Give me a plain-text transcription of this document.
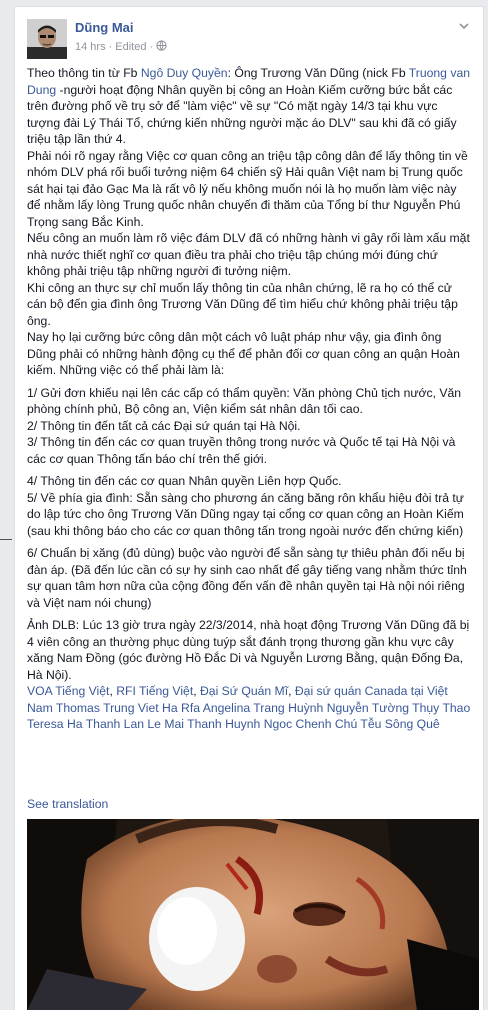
Dũng Mai
14 hrs · Edited ·

Theo thông tin từ Fb Ngô Duy Quyền: Ông Trương Văn Dũng (nick Fb Truong van Dung -người hoạt động Nhân quyền bị công an Hoàn Kiếm cưỡng bức bắt các trên đường phố về trụ sở để "làm việc" về sự "Có mặt ngày 14/3 tại khu vực tượng đài Lý Thái Tổ, chứng kiến những người mặc áo DLV" sau khi đã có giấy triệu tập lần thứ 4.

Phải nói rõ ngay rằng Việc cơ quan công an triệu tập công dân để lấy thông tin về nhóm DLV phá rối buổi tưởng niệm 64 chiến sỹ Hải quân Việt nam bị Trung quốc sát hại tại đảo Gạc Ma là rất vô lý nếu không muốn nói là họ muốn làm việc này để nhằm lấy lòng Trung quốc nhân chuyến đi thăm của Tổng bí thư Nguyễn Phú Trọng sang Bắc Kinh.

Nếu công an muốn làm rõ việc đám DLV đã có những hành vi gây rối làm xấu mặt nhà nước thiết nghĩ cơ quan điều tra phải cho triệu tập chúng mới đúng chứ không phải triệu tập những người đi tưởng niệm.

Khi công an thực sự chỉ muốn lấy thông tin của nhân chứng, lẽ ra họ có thể cử cán bộ đến gia đình ông Trương Văn Dũng để tìm hiểu chứ không phải triệu tập ông.

Nay họ lại cưỡng bức công dân một cách vô luật pháp như vậy, gia đình ông Dũng phải có những hành động cụ thể để phản đối cơ quan công an quận Hoàn kiếm. Những việc có thể phải làm là:

1/ Gửi đơn khiếu nại lên các cấp có thẩm quyền: Văn phòng Chủ tịch nước, Văn phòng chính phủ, Bộ công an, Viện kiểm sát nhân dân tối cao.

2/ Thông tin đến tất cả các Đại sứ quán tại Hà Nội.

3/ Thông tin đến các cơ quan truyền thông trong nước và Quốc tế tại Hà Nội và các cơ quan Thông tấn báo chí trên thế giới.

4/ Thông tin đến các cơ quan Nhân quyền Liên hợp Quốc.

5/ Về phía gia đình: Sẵn sàng cho phương án căng băng rôn khẩu hiệu đòi trả tự do lập tức cho ông Trương Văn Dũng ngay tại cổng cơ quan công an Hoàn Kiếm (sau khi thông báo cho các cơ quan thông tấn trong ngoài nước đến chứng kiến)

6/ Chuẩn bị xăng (đủ dùng) buộc vào người để sẵn sàng tự thiêu phản đối nếu bị đàn áp. (Đã đến lúc cần có sự hy sinh cao nhất để gây tiếng vang nhằm thức tỉnh sự quan tâm hơn nữa của cộng đồng đến vấn đề nhân quyền tại Hà nội nói riêng và Việt nam nói chung)

Ảnh DLB: Lúc 13 giờ trưa ngày 22/3/2014, nhà hoạt động Trương Văn Dũng đã bị 4 viên công an thường phục dùng tuýp sắt đánh trọng thương gần khu vực cây xăng Nam Đồng (góc đường Hồ Đắc Di và Nguyễn Lương Bằng, quận Đống Đa, Hà Nội).

VOA Tiếng Việt, RFI Tiếng Việt, Đại Sứ Quán Mĩ, Đại sứ quán Canada tại Việt Nam Thomas Trung Viet Ha Rfa Angelina Trang Huỳnh Nguyễn Tường Thụy Thao Teresa Ha Thanh Lan Le Mai Thanh Huynh Ngoc Chenh Chú Tễu Sông Quê

See translation
